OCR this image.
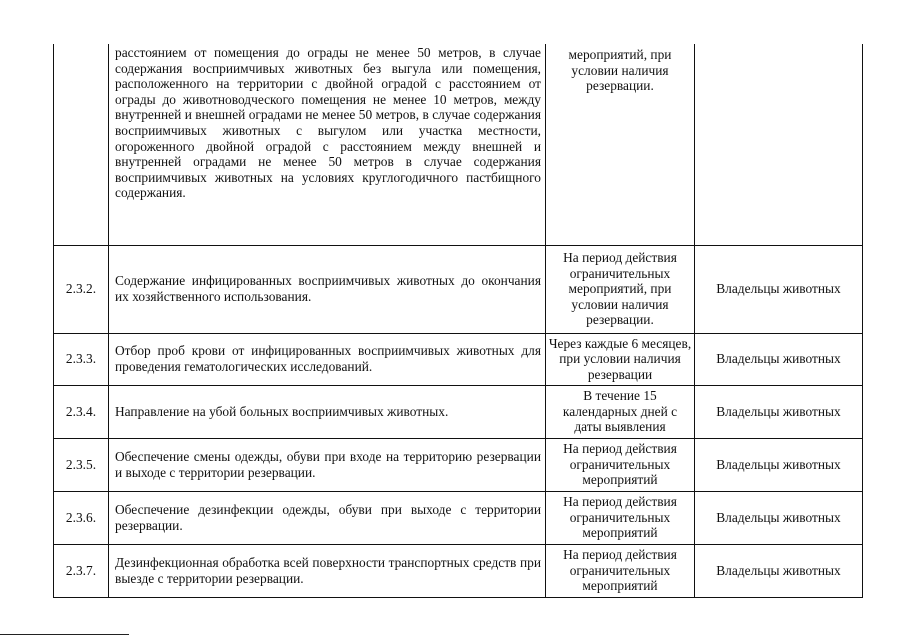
	расстоянием от помещения до ограды не менее 50 метров, в случае содержания восприимчивых животных без выгула или помещения, расположенного на территории с двойной оградой с расстоянием от ограды до животноводческого помещения не менее 10 метров, между внутренней и внешней оградами не менее 50 метров, в случае содержания восприимчивых животных с выгулом или участка местности, огороженного двойной оградой с расстоянием между внешней и внутренней оградами не менее 50 метров в случае содержания восприимчивых животных на условиях круглогодичного пастбищного содержания.	мероприятий, при условии наличия резервации.	
2.3.2.	Содержание инфицированных восприимчивых животных до окончания их хозяйственного использования.	На период действия ограничительных мероприятий, при условии наличия резервации.	Владельцы животных
2.3.3.	Отбор проб крови от инфицированных восприимчивых животных для проведения гематологических исследований.	Через каждые 6 месяцев, при условии наличия резервации	Владельцы животных
2.3.4.	Направление на убой больных восприимчивых животных.	В течение 15 календарных дней с даты выявления	Владельцы животных
2.3.5.	Обеспечение смены одежды, обуви при входе на территорию резервации и выходе с территории резервации.	На период действия ограничительных мероприятий	Владельцы животных
2.3.6.	Обеспечение дезинфекции одежды, обуви при выходе с территории резервации.	На период действия ограничительных мероприятий	Владельцы животных
2.3.7.	Дезинфекционная обработка всей поверхности транспортных средств при выезде с территории резервации.	На период действия ограничительных мероприятий	Владельцы животных
